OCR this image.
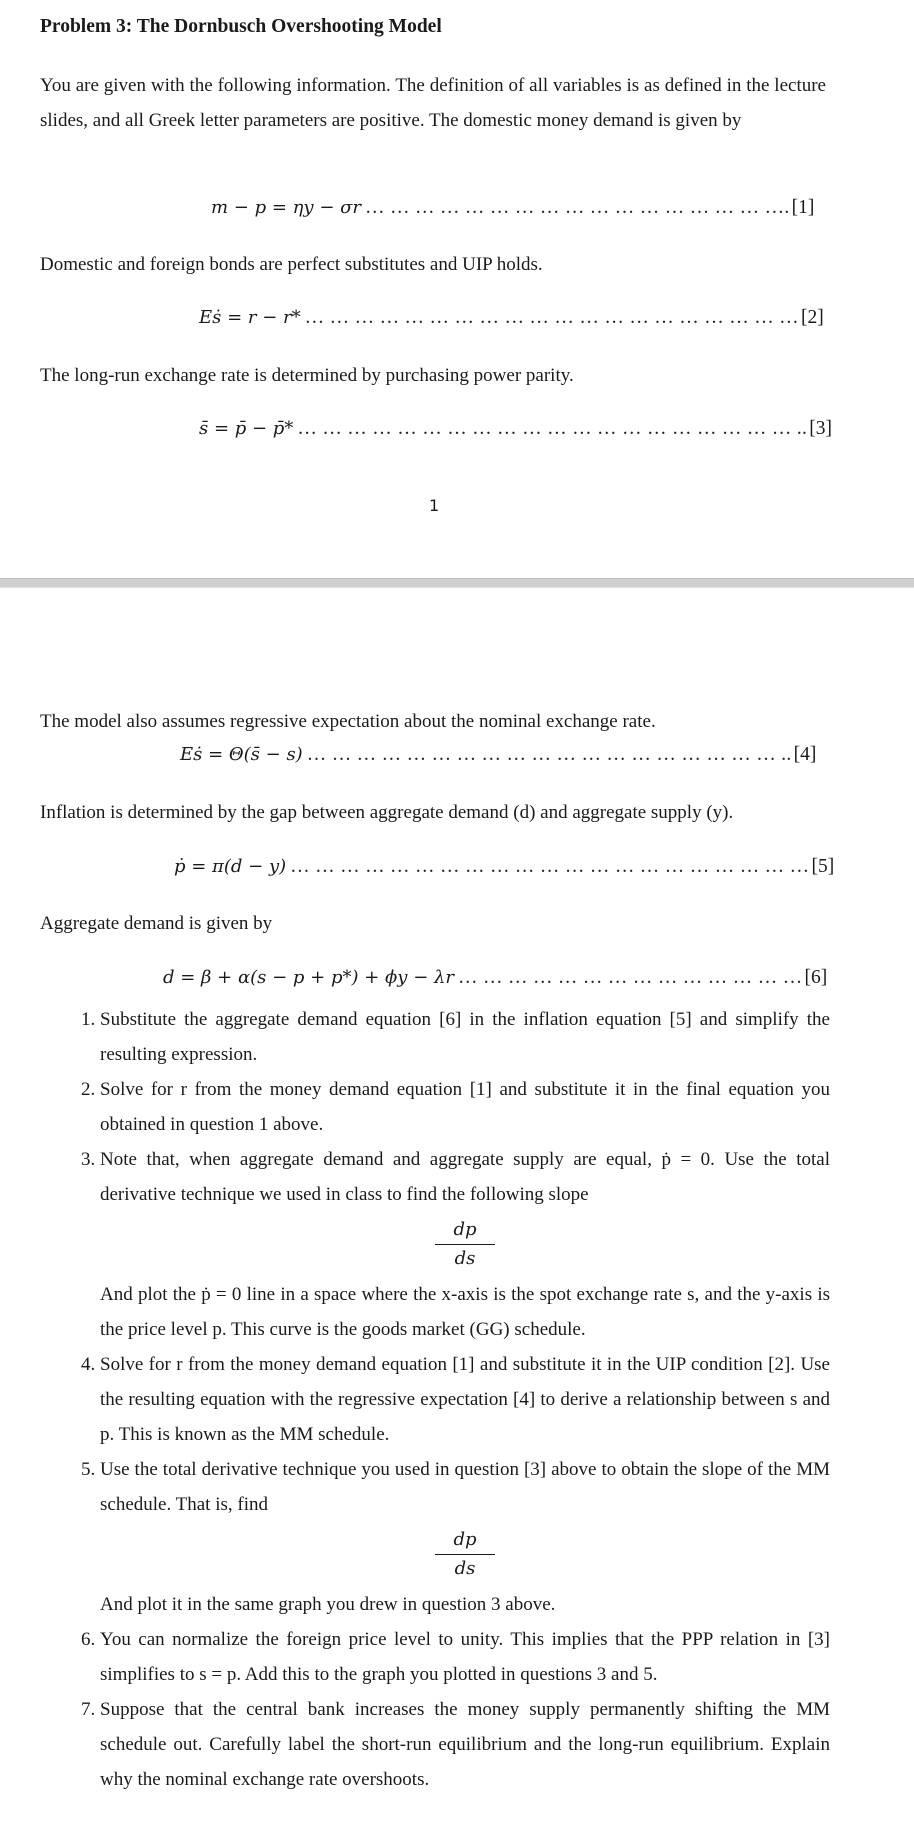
Problem 3: The Dornbusch Overshooting Model

You are given with the following information. The definition of all variables is as defined in the lecture slides, and all Greek letter parameters are positive. The domestic money demand is given by

m − p = ηy − σr … … … … … … … … … … … … … … … … …. [1]

Domestic and foreign bonds are perfect substitutes and UIP holds.

Eṡ = r − r* … … … … … … … … … … … … … … … … … … … … [2]

The long-run exchange rate is determined by purchasing power parity.

s̄ = p̄ − p̄* … … … … … … … … … … … … … … … … … … … … .. [3]

1

The model also assumes regressive expectation about the nominal exchange rate.

Eṡ = Θ(s̄ − s) … … … … … … … … … … … … … … … … … … … .. [4]

Inflation is determined by the gap between aggregate demand (d) and aggregate supply (y).

ṗ = π(d − y) … … … … … … … … … … … … … … … … … … … … … [5]

Aggregate demand is given by

d = β + α(s − p + p*) + ϕy − λr … … … … … … … … … … … … … … [6]
1. Substitute the aggregate demand equation [6] in the inflation equation [5] and simplify the resulting expression.
2. Solve for r from the money demand equation [1] and substitute it in the final equation you obtained in question 1 above.
3. Note that, when aggregate demand and aggregate supply are equal, ṗ = 0. Use the total derivative technique we used in class to find the following slope
dp
ds
And plot the ṗ = 0 line in a space where the x-axis is the spot exchange rate s, and the y-axis is the price level p. This curve is the goods market (GG) schedule.
4. Solve for r from the money demand equation [1] and substitute it in the UIP condition [2]. Use the resulting equation with the regressive expectation [4] to derive a relationship between s and p. This is known as the MM schedule.
5. Use the total derivative technique you used in question [3] above to obtain the slope of the MM schedule. That is, find
dp
ds
And plot it in the same graph you drew in question 3 above.
6. You can normalize the foreign price level to unity. This implies that the PPP relation in [3] simplifies to s = p. Add this to the graph you plotted in questions 3 and 5.
7. Suppose that the central bank increases the money supply permanently shifting the MM schedule out. Carefully label the short-run equilibrium and the long-run equilibrium. Explain why the nominal exchange rate overshoots.
